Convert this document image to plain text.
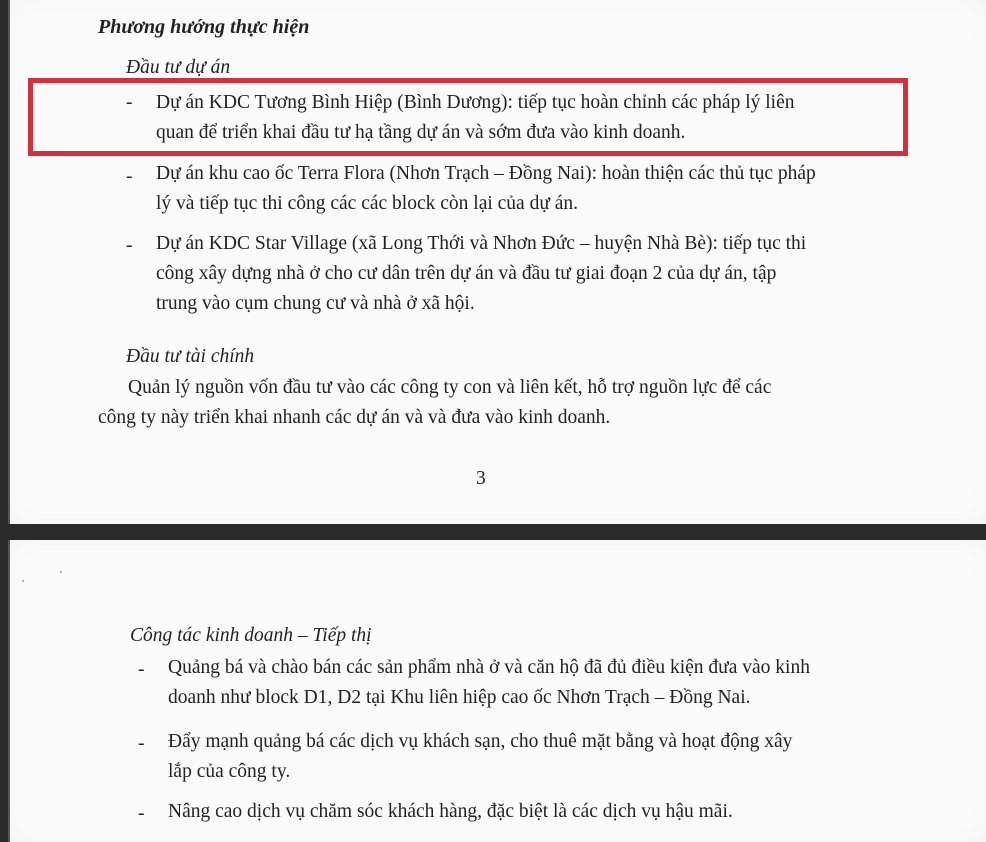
Phương hướng thực hiện
Đầu tư dự án
- Dự án KDC Tương Bình Hiệp (Bình Dương): tiếp tục hoàn chỉnh các pháp lý liên
quan để triển khai đầu tư hạ tầng dự án và sớm đưa vào kinh doanh.
- Dự án khu cao ốc Terra Flora (Nhơn Trạch – Đồng Nai): hoàn thiện các thủ tục pháp
lý và tiếp tục thi công các các block còn lại của dự án.
- Dự án KDC Star Village (xã Long Thới và Nhơn Đức – huyện Nhà Bè): tiếp tục thi
công xây dựng nhà ở cho cư dân trên dự án và đầu tư giai đoạn 2 của dự án, tập
trung vào cụm chung cư và nhà ở xã hội.
Đầu tư tài chính
Quản lý nguồn vốn đầu tư vào các công ty con và liên kết, hỗ trợ nguồn lực để các
công ty này triển khai nhanh các dự án và và đưa vào kinh doanh.
3
Công tác kinh doanh – Tiếp thị
- Quảng bá và chào bán các sản phẩm nhà ở và căn hộ đã đủ điều kiện đưa vào kinh
doanh như block D1, D2 tại Khu liên hiệp cao ốc Nhơn Trạch – Đồng Nai.
- Đẩy mạnh quảng bá các dịch vụ khách sạn, cho thuê mặt bằng và hoạt động xây
lắp của công ty.
- Nâng cao dịch vụ chăm sóc khách hàng, đặc biệt là các dịch vụ hậu mãi.
